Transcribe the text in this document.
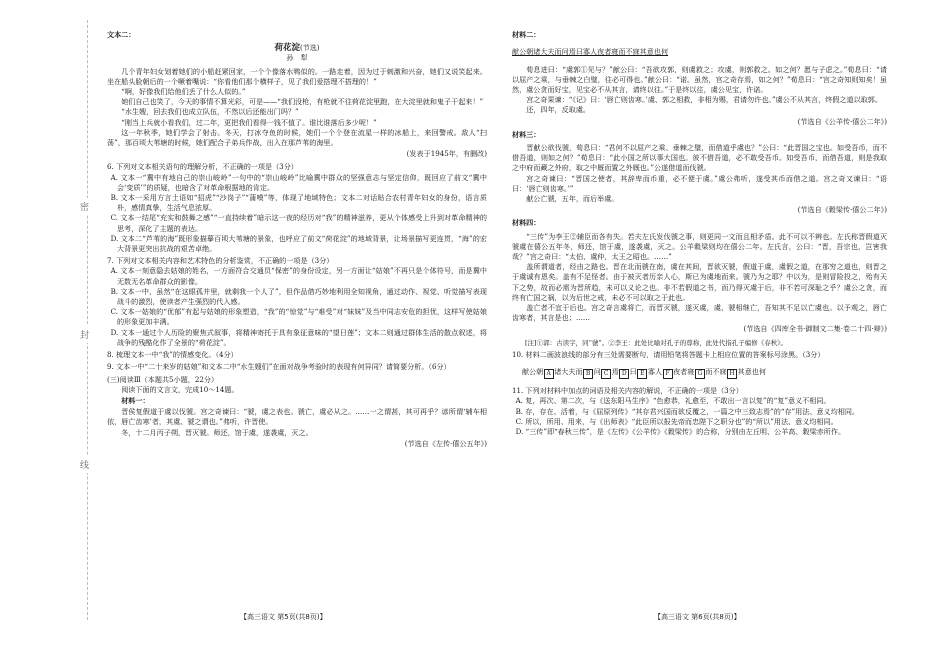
密
封
线

文本二：

荷花淀(节选)

孙　犁

几个青年妇女划着她们的小船赶紧回家，一个个像落水鸭似的。一路走着，因为过于刺激和兴奋，她们又说笑起来。坐在船头脸朝后的一个噘着嘴说：“你看他们那个横样子，见了我们爱搭理不搭理的！”

“啊，好像我们给他们丢了什么人似的。”

她们自己也笑了，今天的事情不算光彩，可是——“我们没枪，有枪就不往荷花淀里跑，在大淀里就和鬼子干起来！”

“水生嫂，回去我们也成立队伍，不然以后还能出门吗？”

“刚当上兵就小看我们，过二年，更把我们看得一钱不值了。谁比谁落后多少呢！”

这一年秋季，她们学会了射击。冬天，打冰夺鱼的时候，她们一个个登在流星一样的冰船上，来回警戒。敌人“扫荡”，那百顷大苇塘的时候，她们配合子弟兵作战，出入在那芦苇的海里。

(发表于1945年，有删改)

6. 下列对文本相关语句的理解分析，不正确的一项是（3分）

A. 文本一“冀中有地自己的崇山峻岭”一句中的“崇山峻岭”比喻冀中群众的坚强意志与坚定信仰，既回应了前文“冀中会‘变质’”的质疑，也暗含了对革命根据地的肯定。

B. 文本一采用方言土语如“招虎”“沙岗子”“蒲嗼”等，体现了地域特色；文本二对话贴合农村青年妇女的身份，语言质朴，感情真挚，生活气息浓厚。

C. 文本一结尾“充实和鼓舞之感”“一直持续着”暗示这一夜的经历对“我”的精神滋养，更从个体感受上升到对革命精神的思考，深化了主题的表达。

D. 文本二“芦苇的海”既形象描摹百顷大苇塘的景象，也呼应了前文“荷花淀”的地域背景，让场景描写更连贯，“海”的宏大背景更突出抗战的艰苦卓绝。

7. 下列对文本相关内容和艺术特色的分析鉴赏，不正确的一项是（3分）

A. 文本一刻意隐去姑娘的姓名，一方面符合交通员“保密”的身份设定，另一方面让“姑娘”不再只是个体符号，而是冀中无数无名革命群众的影像。

B. 文本一中，虽然“在这眼孤井里，就剩我一个人了”，但作品借巧妙地利用全知视角，通过动作、视觉、听觉描写表现战斗的激烈，使读者产生强烈的代入感。

C. 文本一姑娘的“优郁”有起与姑娘的形象塑造，“我”的“惊觉”与“难受”对“妹妹”及当中同志安危的担忧，这样写使姑娘的形象更加丰满。

D. 文本一通过个人历险的聚焦式叙事，将精神寄托于具有象征意味的“望日莲”；文本二则通过群体生活的散点叙述，将战争的残酷化作了全景的“荷花淀”。

8. 梳理文本一中“我”的情感变化。（4分）

9. 文本一中“二十来岁的姑娘”和文本二中“水生嫂们”在面对战争考验时的表现有何异同？请简要分析。（6分）

(三)阅读Ⅲ（本题共5小题，22分）

阅读下面的文言文，完成10～14题。

材料一：

晋侯复假道于虞以伐虢。宫之奇谏曰：“虢，虞之表也。虢亡，虞必从之。……一之谓甚，其可再乎？谚所谓‘辅车相依，唇亡齿寒’者，其虞、虢之谓也。”弗听，许晋使。

冬，十二月丙子朔，晋灭虢。师还，馆于虞，遂袭虞，灭之。

(节选自《左传·僖公五年》)

材料二：

献公朝诸大夫而问焉曰寡人夜者寝而不寐其意也何

荀息进曰：“虞郭①见与？”献公曰：“吾欲攻郭，则虞救之；攻虞，则郭救之。如之何？愿与子虑之。”荀息曰：“请以屈产之乘，与垂棘之白璧，往必可得也。”献公曰：“诺。虽然，宫之奇存焉，如之何？”荀息曰：“宫之奇知则知矣！虽然，虞公贪而好宝，见宝必不从其言，请终以往。”于是终以往，虞公见宝，许诺。

宫之奇果谏：“《记》曰：‘唇亡则齿寒。’虞、郭之相救，非相为赐，君请勿许也。”虞公不从其言，终假之道以取郭。

还，四年，反取虞。

(节选自《公羊传·僖公二年》)

材料三：

晋献公欲伐虢，荀息曰：“君何不以屈产之乘、垂棘之璧，而借道乎虞也？”公曰：“此晋国之宝也。如受吾币，而不借吾道，则如之何？”荀息曰：“此小国之所以事大国也。彼不借吾道，必不敢受吾币。如受吾币，而借吾道，则是我取之中府而藏之外府，取之中厩而置之外厩也。”公遂借道而伐虢。

宫之奇谏曰：“晋国之使者，其辞卑而币重，必不便于虞。”虞公弗听，遂受其币而借之道。宫之奇又谏曰：“语曰：‘唇亡则齿寒。’”

献公亡虢，五年，而后举虞。

(节选自《穀梁传·僖公二年》)

材料四：

“三传”为李王②辅臣而各有失。若夫左氏发伐虢之事，则更同一文而且相矛盾。此不可以不辨也。左氏称晋假道灭虢虞在僖公五年冬，师还，馆于虞，遂袭虞，灭之。公羊穀梁则均在僖公二年。左氏言，公曰：“晋，吾宗也，岂害我哉？”宫之奇曰：“太伯、虞仲，太王之昭也。……”

盖所谓道者，经由之路也。晋在北而虢在南，虞在其间，晋欲灭虢，假道于虞，虞假之道，在那穷之道也，则晋之于虞诚有恩矣。盖有不足怪者。由于被灭者历亲人心，斯已为虞地而来。虢乃为之耶？中以为，是则冒险投之，殆有天下之势，故而必需为晋所趋，未可以义论之也。非不若假道之书，而乃得灭虞于后，非不若可深耻之乎？虞公之贪，而终有亡国之祸，以为后世之戒，未必不可以取之于此也。

盖亡者不宜于后也。宫之奇言虞将亡，而晋灭虢，遂灭虞，虞、虢相继亡，吾知其不足以亡虞也。以予观之，唇亡齿寒者，其言是也；……

(节选自《四库全书·御制文二集·卷二十四·辩》)

[注]①郭：古读字，同“虢”。②李王：此处比喻对孔子的尊称，此处代指孔子编修《春秋》。

10. 材料二画波浪线的部分有三处需要断句，请用铅笔将答题卡上相应位置的答案标号涂黑。（3分）

献公朝 A 诸大夫而 B 问 C 焉 D 曰 E 寡人 F 夜者寝 G 而不寐 H 其意也何

11. 下列对材料中加点的词语及相关内容的解说，不正确的一项是（3分）

A. 复，再次、第二次，与《送东阳马生序》“色愈恭，礼愈至，不敢出一言以复”的“复”意义不相同。

B. 存，存在、活着，与《屈原列传》“其存君兴国而欲反覆之，一篇之中三致志焉”的“存”用法、意义均相同。

C. 所以，所用、用来，与《出师表》“此臣所以报先帝而忠陛下之职分也”的“所以”用法、意义均相同。

D. “三传”即“春秋三传”，是《左传》《公羊传》《穀梁传》的合称，分别由左丘明、公羊高、穀梁赤所作。

【高三语文 第5页(共8页)】	【高三语文 第6页(共8页)】
